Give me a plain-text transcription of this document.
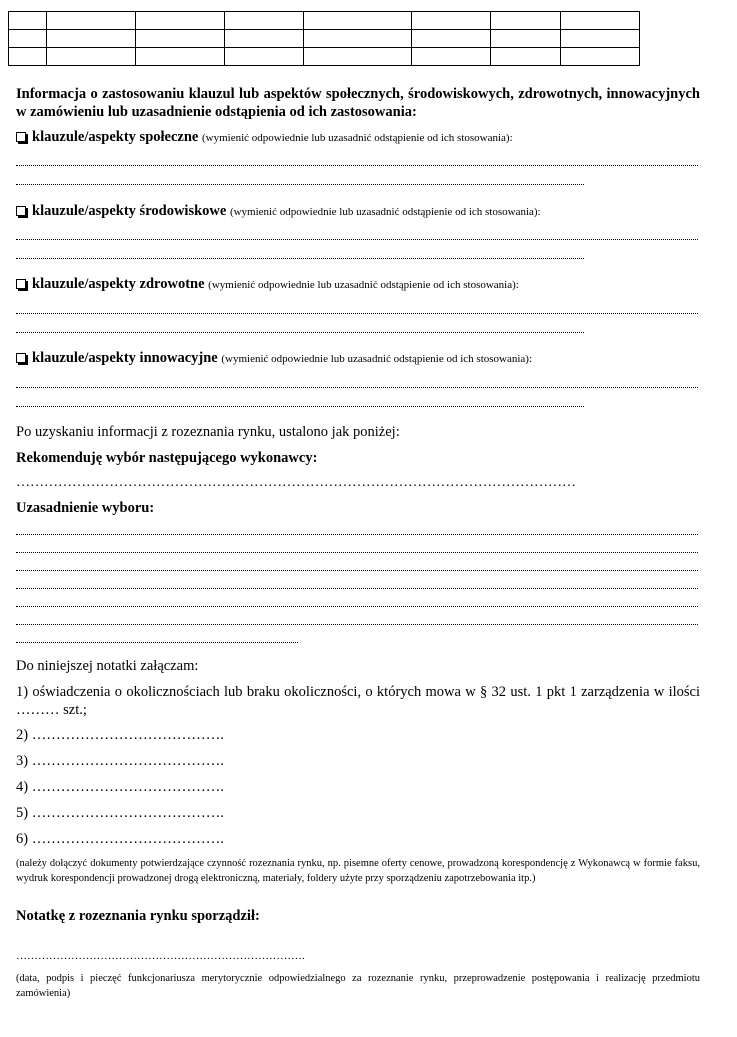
Informacja o zastosowaniu klauzul lub aspektów społecznych, środowiskowych, zdrowotnych, innowacyjnych w zamówieniu lub uzasadnienie odstąpienia od ich zastosowania:
klauzule/aspekty społeczne (wymienić odpowiednie lub uzasadnić odstąpienie od ich stosowania):
klauzule/aspekty środowiskowe (wymienić odpowiednie lub uzasadnić odstąpienie od ich stosowania):
klauzule/aspekty zdrowotne (wymienić odpowiednie lub uzasadnić odstąpienie od ich stosowania):
klauzule/aspekty innowacyjne (wymienić odpowiednie lub uzasadnić odstąpienie od ich stosowania):
Po uzyskaniu informacji z rozeznania rynku, ustalono jak poniżej:
Rekomenduję wybór następującego wykonawcy:
…………………………………………………………………………………………………………
Uzasadnienie wyboru:
Do niniejszej notatki załączam:
1) oświadczenia o okolicznościach lub braku okoliczności, o których mowa w § 32 ust. 1 pkt 1 zarządzenia w ilości ……… szt.;
2) ………………………………….
3) ………………………………….
4) ………………………………….
5) ………………………………….
6) ………………………………….
(należy dołączyć dokumenty potwierdzające czynność rozeznania rynku, np. pisemne oferty cenowe, prowadzoną korespondencję z Wykonawcą w formie faksu, wydruk korespondencji prowadzonej drogą elektroniczną, materiały, foldery użyte przy sporządzeniu zapotrzebowania itp.)
Notatkę z rozeznania rynku sporządził:
…………………………………………………………………….
(data, podpis i pieczęć funkcjonariusza merytorycznie odpowiedzialnego za rozeznanie rynku, przeprowadzenie postępowania i realizację przedmiotu zamówienia)
